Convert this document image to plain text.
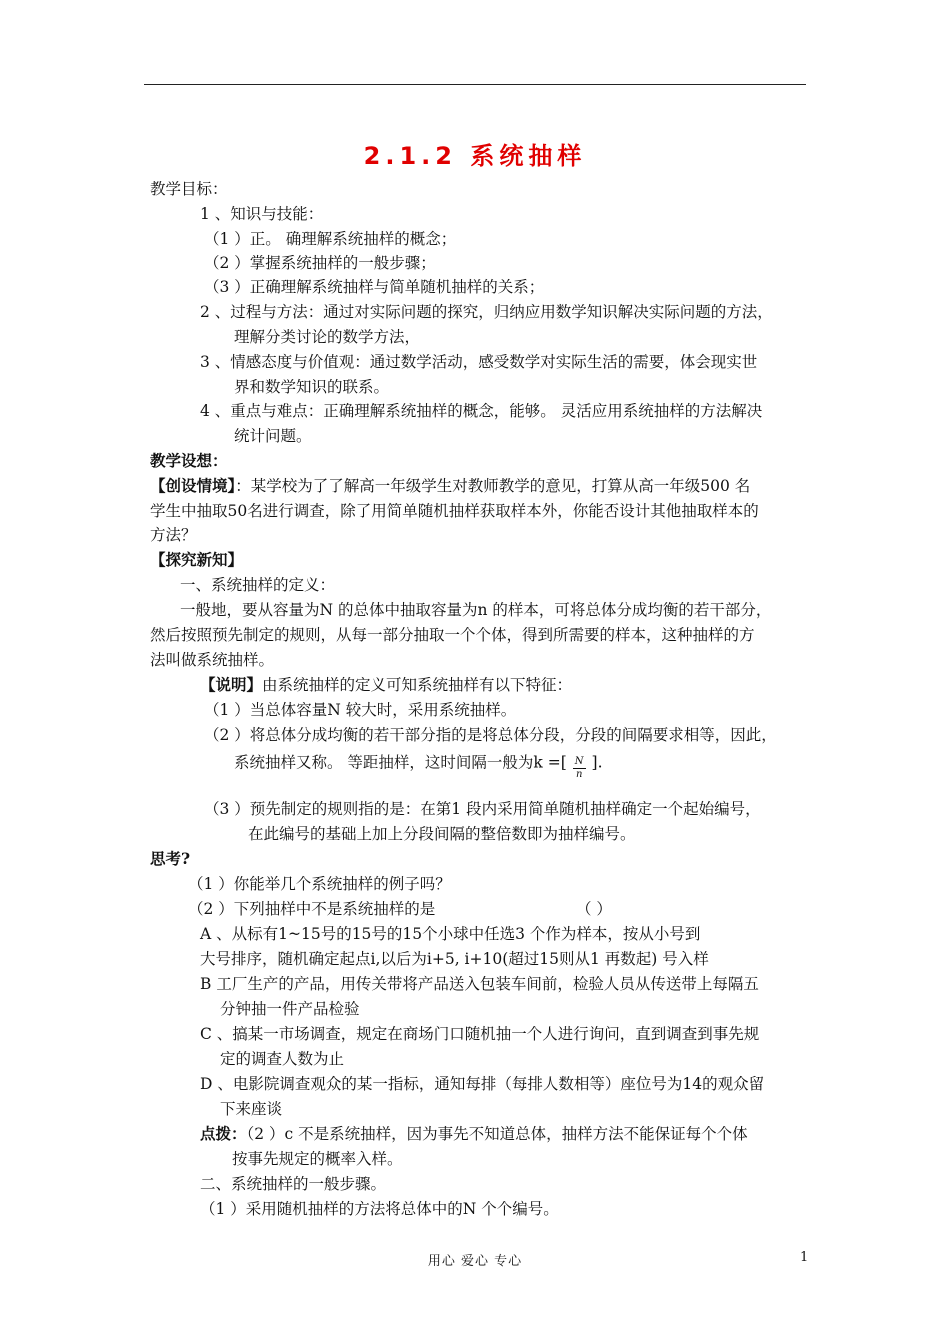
2.1.2 系统抽样
教学目标：
1 、知识与技能：
（1 ）正。 确理解系统抽样的概念；
（2 ）掌握系统抽样的一般步骤；
（3 ）正确理解系统抽样与简单随机抽样的关系；
2 、过程与方法：通过对实际问题的探究，归纳应用数学知识解决实际问题的方法，
理解分类讨论的数学方法，
3 、情感态度与价值观：通过数学活动，感受数学对实际生活的需要，体会现实世
界和数学知识的联系。
4 、重点与难点：正确理解系统抽样的概念，能够。 灵活应用系统抽样的方法解决
统计问题。
教学设想：
【创设情境】：某学校为了了解高一年级学生对教师教学的意见，打算从高一年级500 名
学生中抽取50名进行调查，除了用简单随机抽样获取样本外，你能否设计其他抽取样本的
方法？
【探究新知】
一、系统抽样的定义：
一般地，要从容量为N 的总体中抽取容量为n 的样本，可将总体分成均衡的若干部分，
然后按照预先制定的规则，从每一部分抽取一个个体，得到所需要的样本，这种抽样的方
法叫做系统抽样。
【说明】由系统抽样的定义可知系统抽样有以下特征：
（1 ）当总体容量N 较大时，采用系统抽样。
（2 ）将总体分成均衡的若干部分指的是将总体分段，分段的间隔要求相等，因此，
系统抽样又称。 等距抽样，这时间隔一般为k =[ $\frac{N}{n}$ ].
（3 ）预先制定的规则指的是：在第1 段内采用简单随机抽样确定一个起始编号，
在此编号的基础上加上分段间隔的整倍数即为抽样编号。
思考?
（1 ）你能举几个系统抽样的例子吗？
（2 ）下列抽样中不是系统抽样的是	（ ）
A 、从标有1~15号的15号的15个小球中任选3 个作为样本，按从小号到
大号排序，随机确定起点i,以后为i+5, i+10(超过15则从1 再数起) 号入样
B 工厂生产的产品，用传关带将产品送入包装车间前，检验人员从传送带上每隔五
分钟抽一件产品检验
C 、搞某一市场调查，规定在商场门口随机抽一个人进行询问，直到调查到事先规
定的调查人数为止
D 、电影院调查观众的某一指标，通知每排（每排人数相等）座位号为14的观众留
下来座谈
点拨：（2 ）c 不是系统抽样，因为事先不知道总体，抽样方法不能保证每个个体
按事先规定的概率入样。
二、系统抽样的一般步骤。
（1 ）采用随机抽样的方法将总体中的N 个个编号。
用心 爱心 专心	1
